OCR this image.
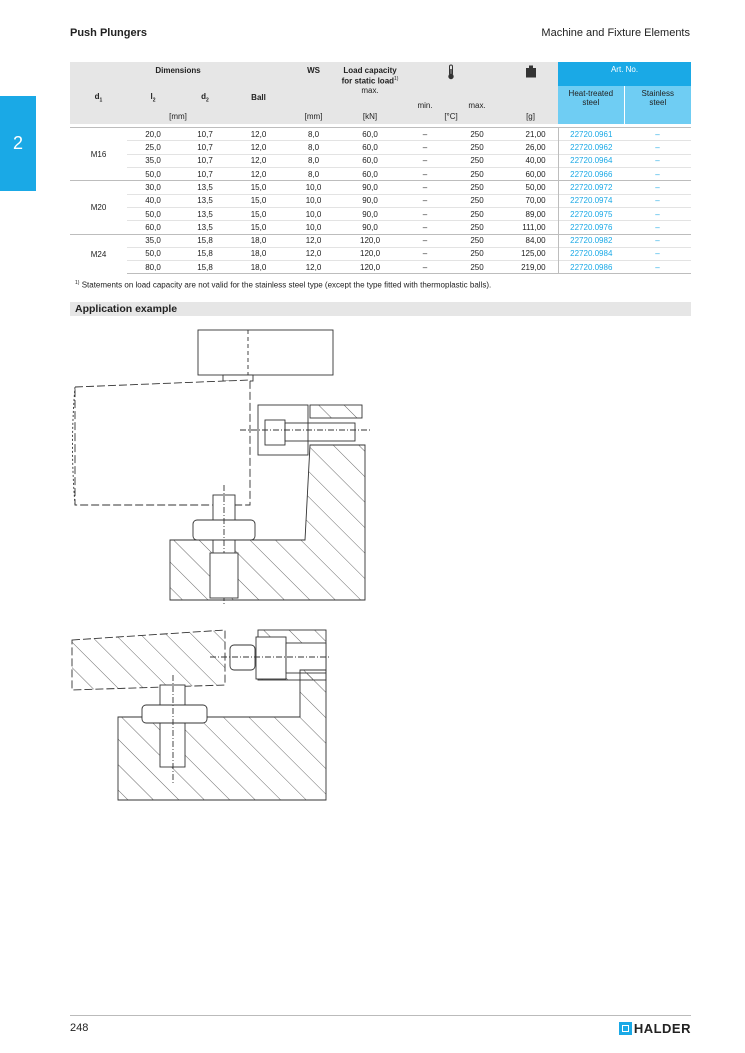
Push Plungers	Machine and Fixture Elements
2
Dimensions				WS	Load capacity
for static load$^{1)}$				Art. No.	
$d_1$	$l_2$	$d_2$	Ball		max.	min.	max.		Heat-treated
steel	Stainless
steel
[mm]				[mm]	[kN]	[°C]		[g]		

M16	20,0	10,7	12,0	8,0	60,0	–	250	21,00	22720.0961	–
	25,0	10,7	12,0	8,0	60,0	–	250	26,00	22720.0962	–
	35,0	10,7	12,0	8,0	60,0	–	250	40,00	22720.0964	–
	50,0	10,7	12,0	8,0	60,0	–	250	60,00	22720.0966	–
M20	30,0	13,5	15,0	10,0	90,0	–	250	50,00	22720.0972	–
	40,0	13,5	15,0	10,0	90,0	–	250	70,00	22720.0974	–
	50,0	13,5	15,0	10,0	90,0	–	250	89,00	22720.0975	–
	60,0	13,5	15,0	10,0	90,0	–	250	111,00	22720.0976	–
M24	35,0	15,8	18,0	12,0	120,0	–	250	84,00	22720.0982	–
	50,0	15,8	18,0	12,0	120,0	–	250	125,00	22720.0984	–
	80,0	15,8	18,0	12,0	120,0	–	250	219,00	22720.0986	–
$^{1)}$ Statements on load capacity are not valid for the stainless steel type (except the type fitted with thermoplastic balls).
Application example
248	HALDER
